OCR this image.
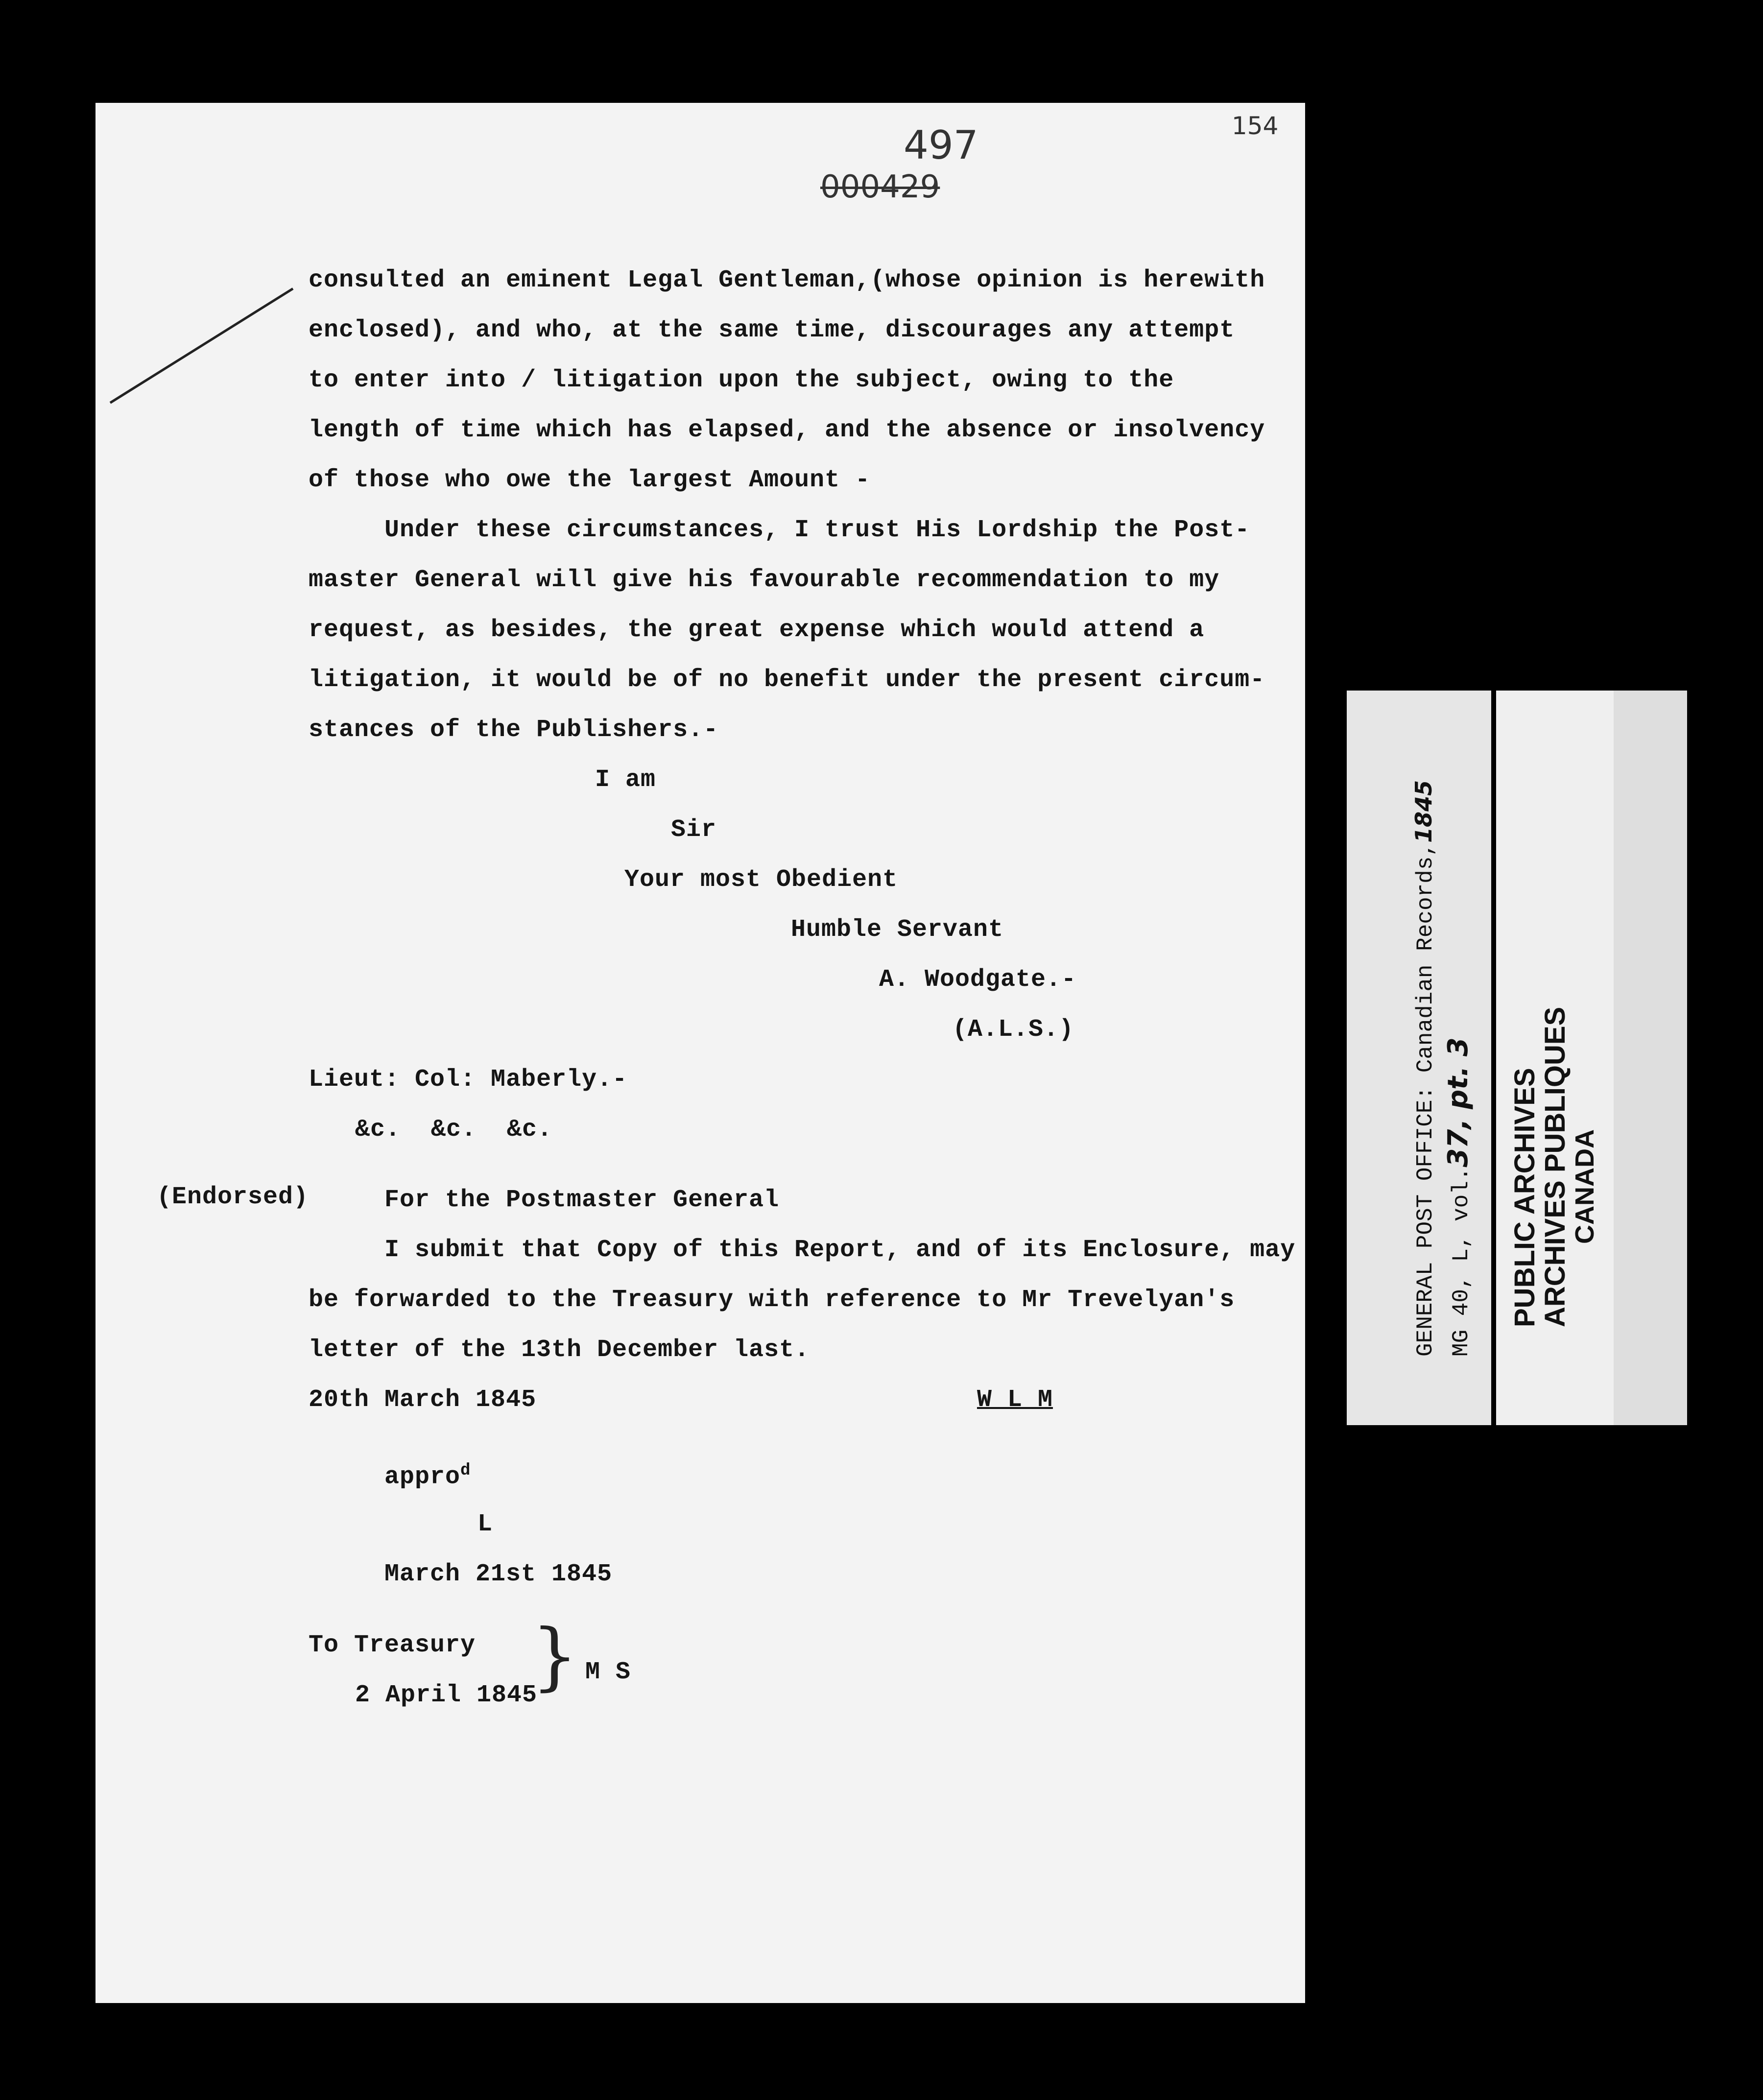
497
000429
154
consulted an eminent Legal Gentleman,(whose opinion is herewith
enclosed), and who, at the same time, discourages any attempt
to enter into / litigation upon the subject, owing to the
length of time which has elapsed, and the absence or insolvency
of those who owe the largest Amount -
Under these circumstances, I trust His Lordship the Post-
master General will give his favourable recommendation to my
request, as besides, the great expense which would attend a
litigation, it would be of no benefit under the present circum-
stances of the Publishers.-
I am
Sir
Your most Obedient
Humble Servant
A. Woodgate.-
(A.L.S.)
Lieut: Col: Maberly.-
&c.  &c.  &c.
(Endorsed)	For the Postmaster General
I submit that Copy of this Report, and of its Enclosure, may
be forwarded to the Treasury with reference to Mr Trevelyan's
letter of the 13th December last.
20th March 1845	W L M
appro$^d$
L
March 21st 1845
To Treasury
2 April 1845
} M S
GENERAL POST OFFICE: Canadian Records,1845
MG 40, L, vol.37, pt. 3 PUBLIC ARCHIVES
ARCHIVES PUBLIQUES
CANADA
